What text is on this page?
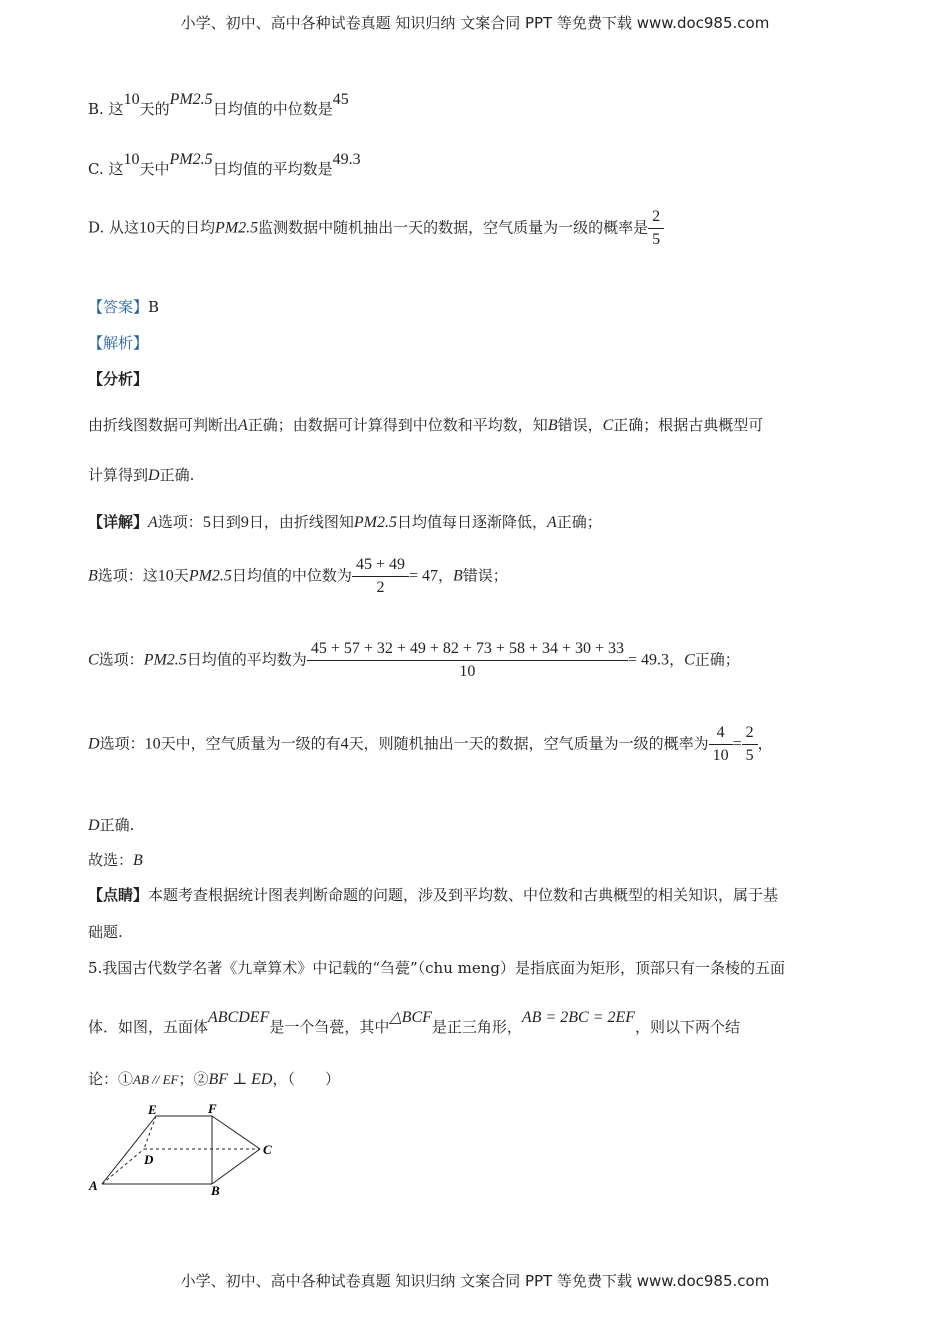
小学、初中、高中各种试卷真题 知识归纳 文案合同 PPT 等免费下载 www.doc985.com
B. 这10天的PM2.5日均值的中位数是45
C. 这10天中PM2.5日均值的平均数是49.3
D. 从这10天的日均PM2.5监测数据中随机抽出一天的数据，空气质量为一级的概率是 $\frac{2}{5}$
【答案】B
【解析】
【分析】
由折线图数据可判断出A正确；由数据可计算得到中位数和平均数，知B错误，C正确；根据古典概型可
计算得到D正确.
【详解】A选项：5日到9日，由折线图知PM2.5日均值每日逐渐降低，A正确；
B选项：这10天PM2.5日均值的中位数为 $\frac{45 + 49}{2} = 47$，B错误；
C选项：PM2.5日均值的平均数为 $\frac{45 + 57 + 32 + 49 + 82 + 73 + 58 + 34 + 30 + 33}{10} = 49.3$，C正确；
D选项：10天中，空气质量为一级的有4天，则随机抽出一天的数据，空气质量为一级的概率为 $\frac{4}{10} = \frac{2}{5}$ ，
D正确.
故选：B
【点睛】本题考查根据统计图表判断命题的问题，涉及到平均数、中位数和古典概型的相关知识，属于基
础题.
5.我国古代数学名著《九章算术》中记载的“刍甍”（chu meng）是指底面为矩形，顶部只有一条棱的五面
体．如图，五面体ABCDEF是一个刍甍，其中△BCF是正三角形，AB = 2BC = 2EF，则以下两个结
论：①AB // EF；②BF ⊥ ED，（　　）
E	F
C
D
A	B
小学、初中、高中各种试卷真题 知识归纳 文案合同 PPT 等免费下载 www.doc985.com
